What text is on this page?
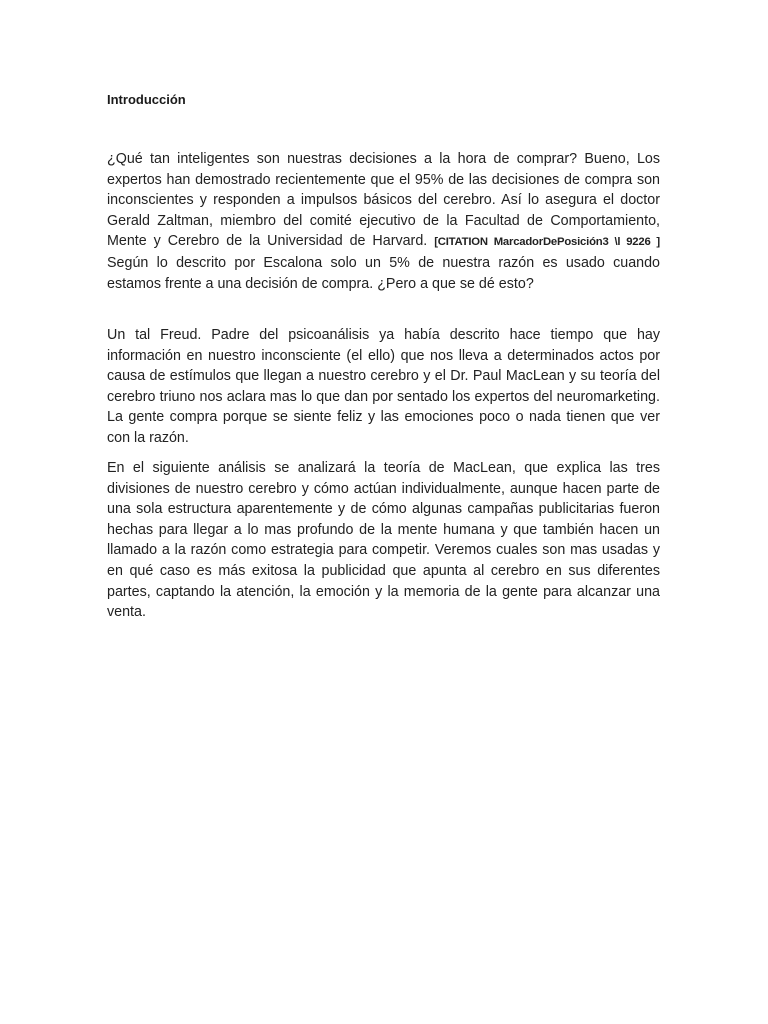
Introducción

¿Qué tan inteligentes son nuestras decisiones a la hora de comprar? Bueno, Los expertos han demostrado recientemente que el 95% de las decisiones de compra son inconscientes y responden a impulsos básicos del cerebro. Así lo asegura el doctor Gerald Zaltman, miembro del comité ejecutivo de la Facultad de Comportamiento, Mente y Cerebro de la Universidad de Harvard. [CITATION MarcadorDePosición3 \l 9226 ] Según lo descrito por Escalona solo un 5% de nuestra razón es usado cuando estamos frente a una decisión de compra. ¿Pero a que se dé esto?

Un tal Freud. Padre del psicoanálisis ya había descrito hace tiempo que hay información en nuestro inconsciente (el ello) que nos lleva a determinados actos por causa de estímulos que llegan a nuestro cerebro y el Dr. Paul MacLean y su teoría del cerebro triuno nos aclara mas lo que dan por sentado los expertos del neuromarketing. La gente compra porque se siente feliz y las emociones poco o nada tienen que ver con la razón.

En el siguiente análisis se analizará la teoría de MacLean, que explica las tres divisiones de nuestro cerebro y cómo actúan individualmente, aunque hacen parte de una sola estructura aparentemente y de cómo algunas campañas publicitarias fueron hechas para llegar a lo mas profundo de la mente humana y que también hacen un llamado a la razón como estrategia para competir. Veremos cuales son mas usadas y en qué caso es más exitosa la publicidad que apunta al cerebro en sus diferentes partes, captando la atención, la emoción y la memoria de la gente para alcanzar una venta.
